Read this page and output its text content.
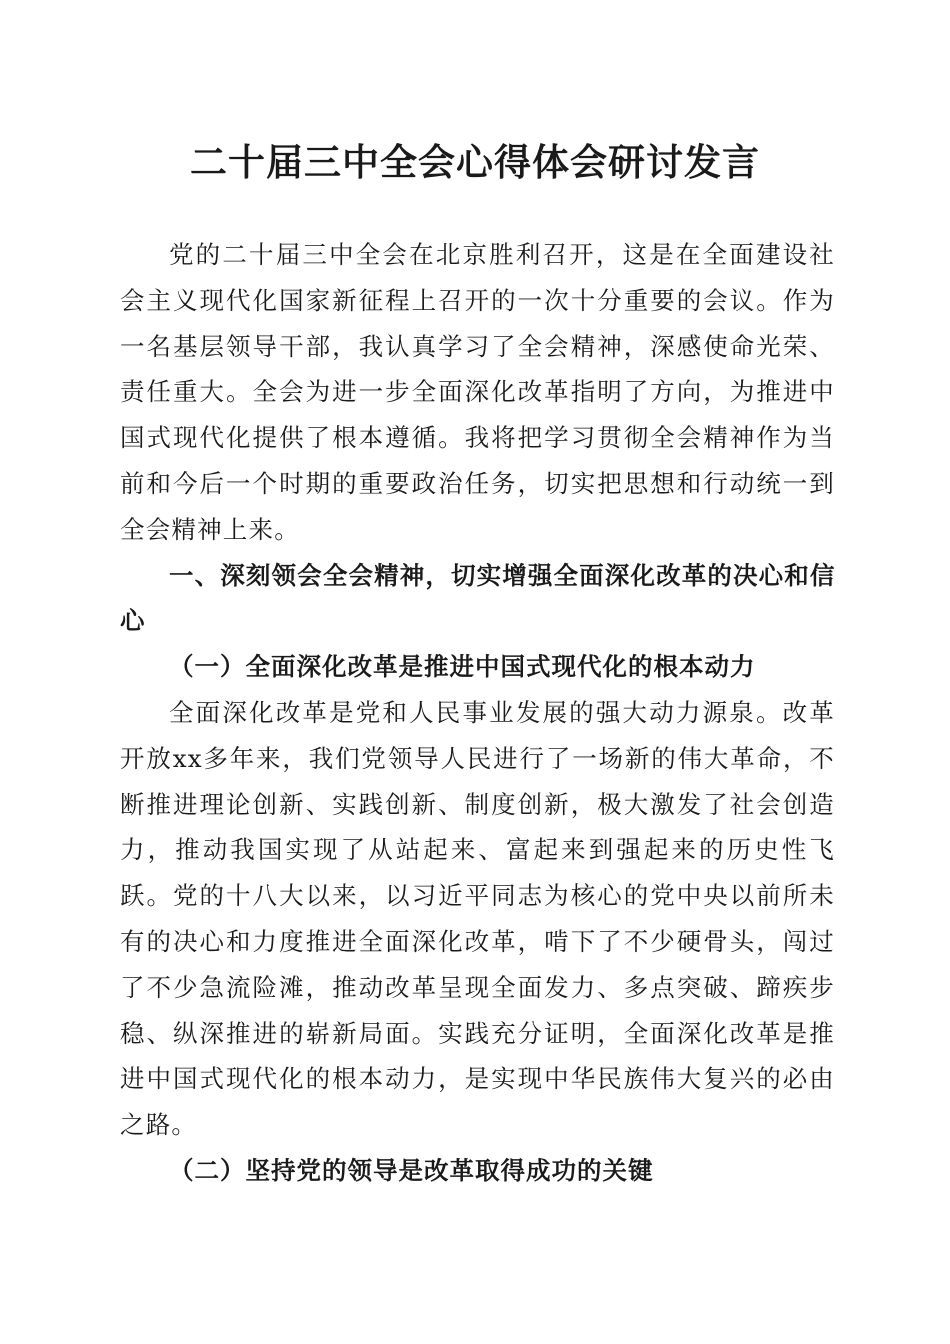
二十届三中全会心得体会研讨发言

党的二十届三中全会在北京胜利召开，这是在全面建设社会主义现代化国家新征程上召开的一次十分重要的会议。作为一名基层领导干部，我认真学习了全会精神，深感使命光荣、责任重大。全会为进一步全面深化改革指明了方向，为推进中国式现代化提供了根本遵循。我将把学习贯彻全会精神作为当前和今后一个时期的重要政治任务，切实把思想和行动统一到全会精神上来。

一、深刻领会全会精神，切实增强全面深化改革的决心和信心

（一）全面深化改革是推进中国式现代化的根本动力

全面深化改革是党和人民事业发展的强大动力源泉。改革开放xx多年来，我们党领导人民进行了一场新的伟大革命，不断推进理论创新、实践创新、制度创新，极大激发了社会创造力，推动我国实现了从站起来、富起来到强起来的历史性飞跃。党的十八大以来，以习近平同志为核心的党中央以前所未有的决心和力度推进全面深化改革，啃下了不少硬骨头，闯过了不少急流险滩，推动改革呈现全面发力、多点突破、蹄疾步稳、纵深推进的崭新局面。实践充分证明，全面深化改革是推进中国式现代化的根本动力，是实现中华民族伟大复兴的必由之路。

（二）坚持党的领导是改革取得成功的关键
